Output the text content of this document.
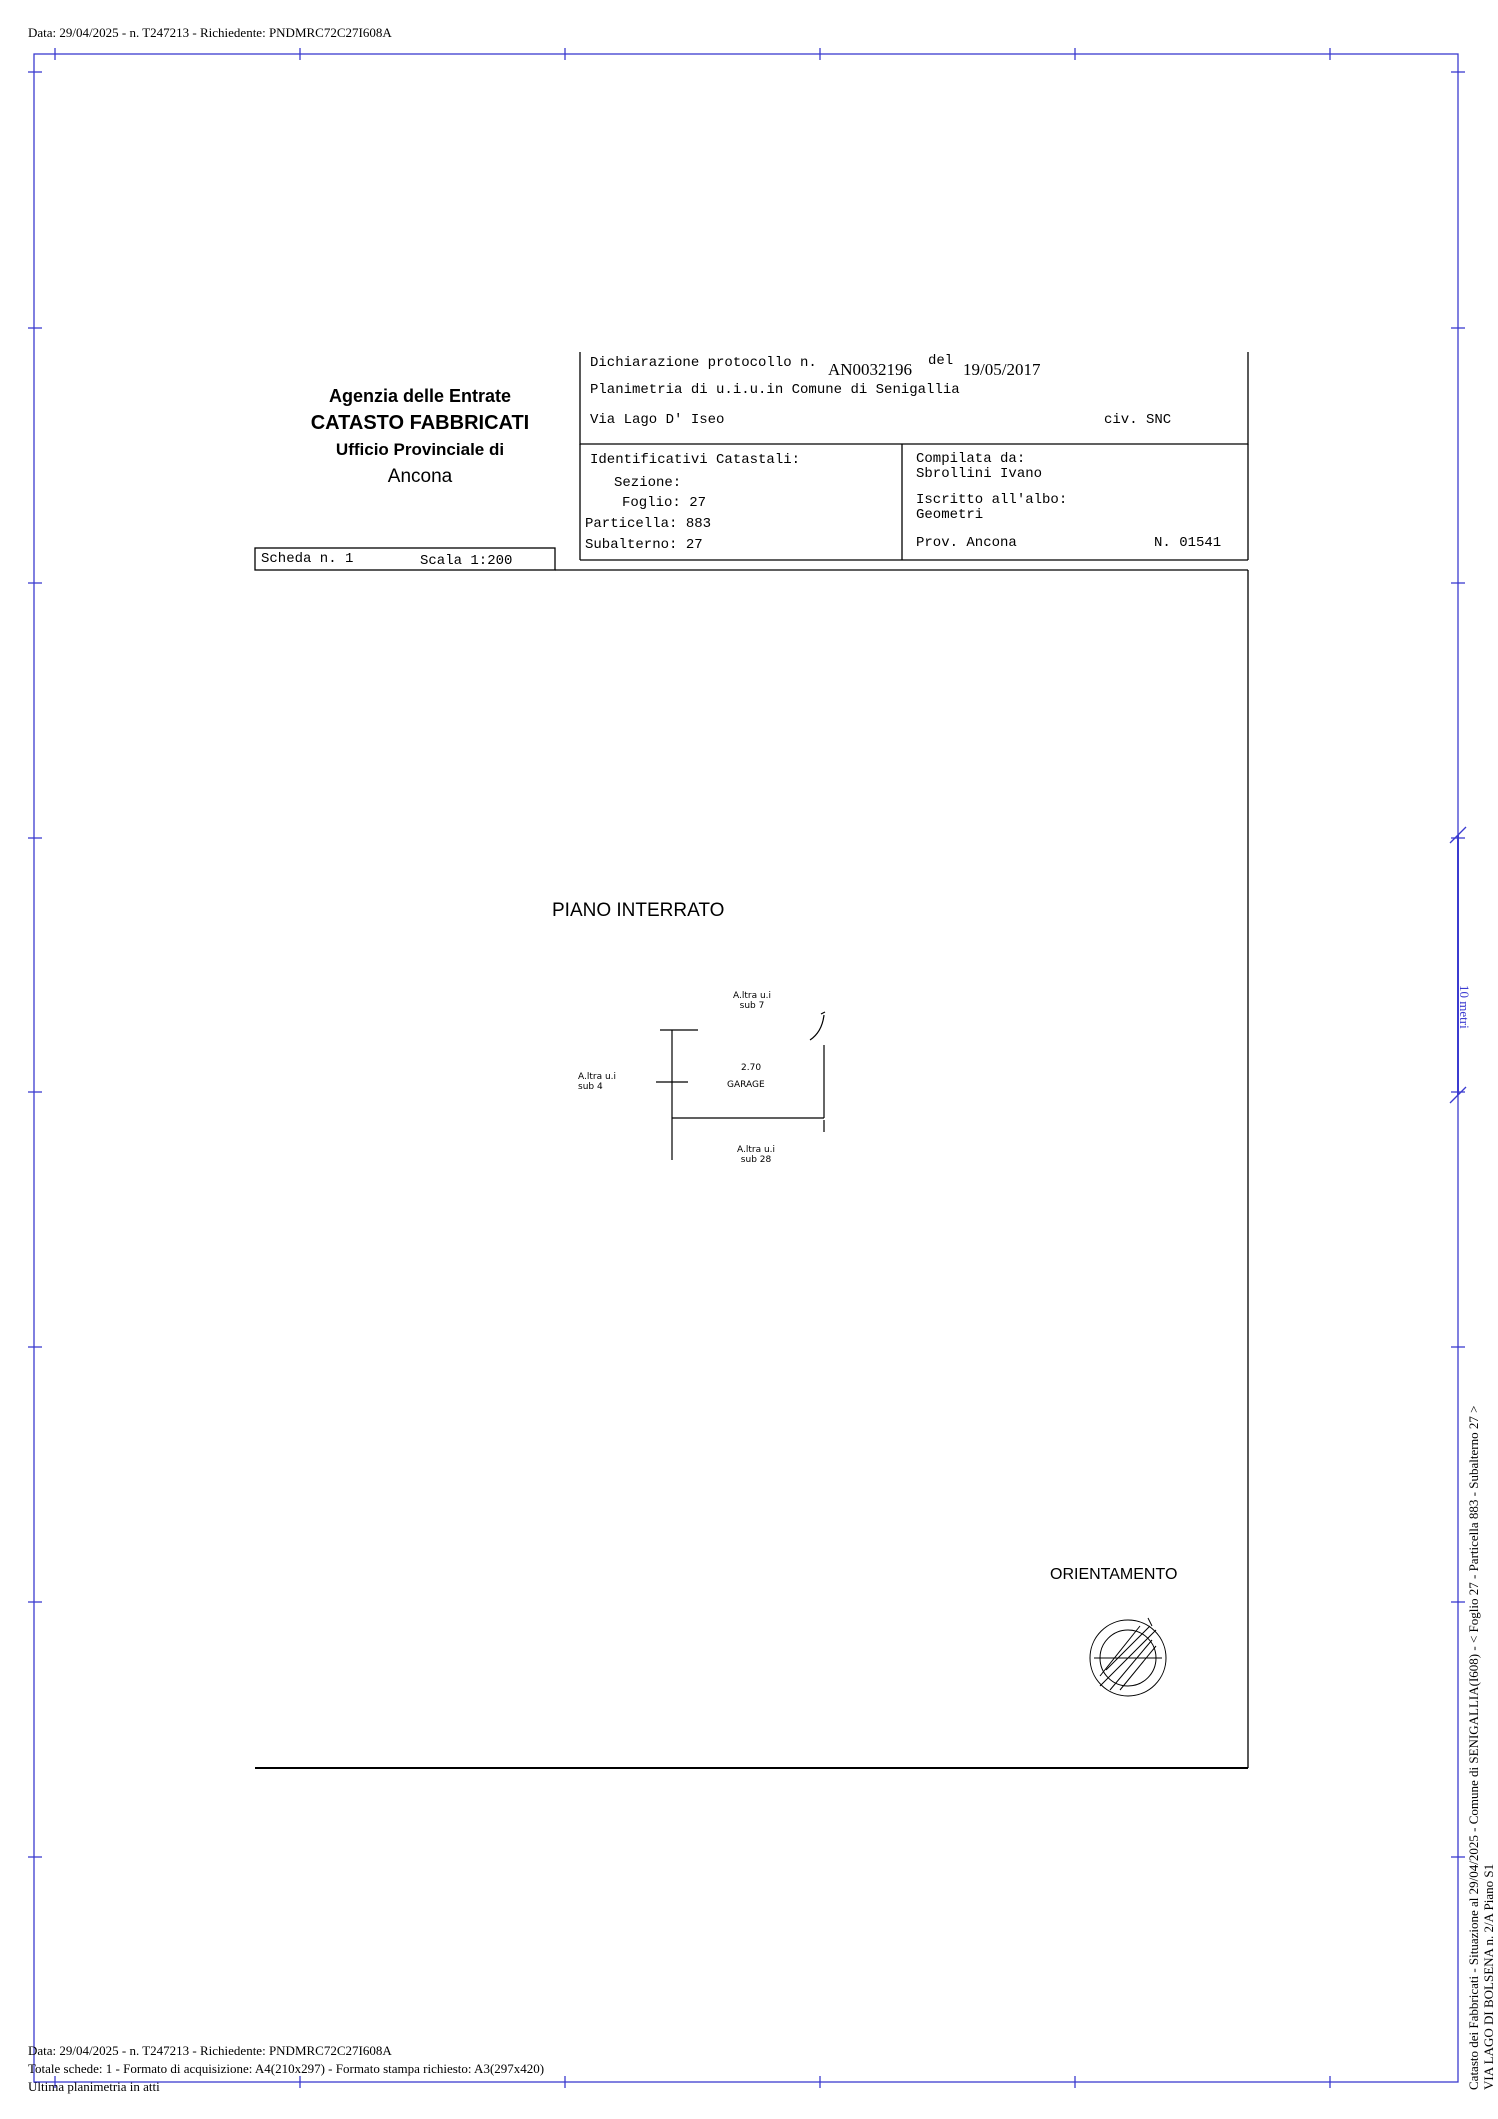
Data: 29/04/2025 - n. T247213 - Richiedente: PNDMRC72C27I608A
Agenzia delle Entrate
CATASTO FABBRICATI
Ufficio Provinciale di
Ancona
Dichiarazione protocollo n. AN0032196 del 19/05/2017
Planimetria di u.i.u.in Comune di Senigallia
Via Lago D' Iseo	civ. SNC
Identificativi Catastali:
Sezione:
Foglio: 27
Particella: 883
Subalterno: 27
Compilata da:
Sbrollini Ivano
Iscritto all'albo:
Geometri
Prov. Ancona	N. 01541
Scheda n. 1	Scala 1:200
PIANO INTERRATO
A.ltra u.i
sub 7
A.ltra u.i
sub 4
2.70
GARAGE
A.ltra u.i
sub 28
ORIENTAMENTO
10 metri
Catasto dei Fabbricati - Situazione al 29/04/2025 - Comune di SENIGALLIA(I608) - < Foglio 27 - Particella 883 - Subalterno 27 > VIA LAGO DI BOLSENA n. 2/A Piano S1
Data: 29/04/2025 - n. T247213 - Richiedente: PNDMRC72C27I608A
Totale schede: 1 - Formato di acquisizione: A4(210x297) - Formato stampa richiesto: A3(297x420)
Ultima planimetria in atti
